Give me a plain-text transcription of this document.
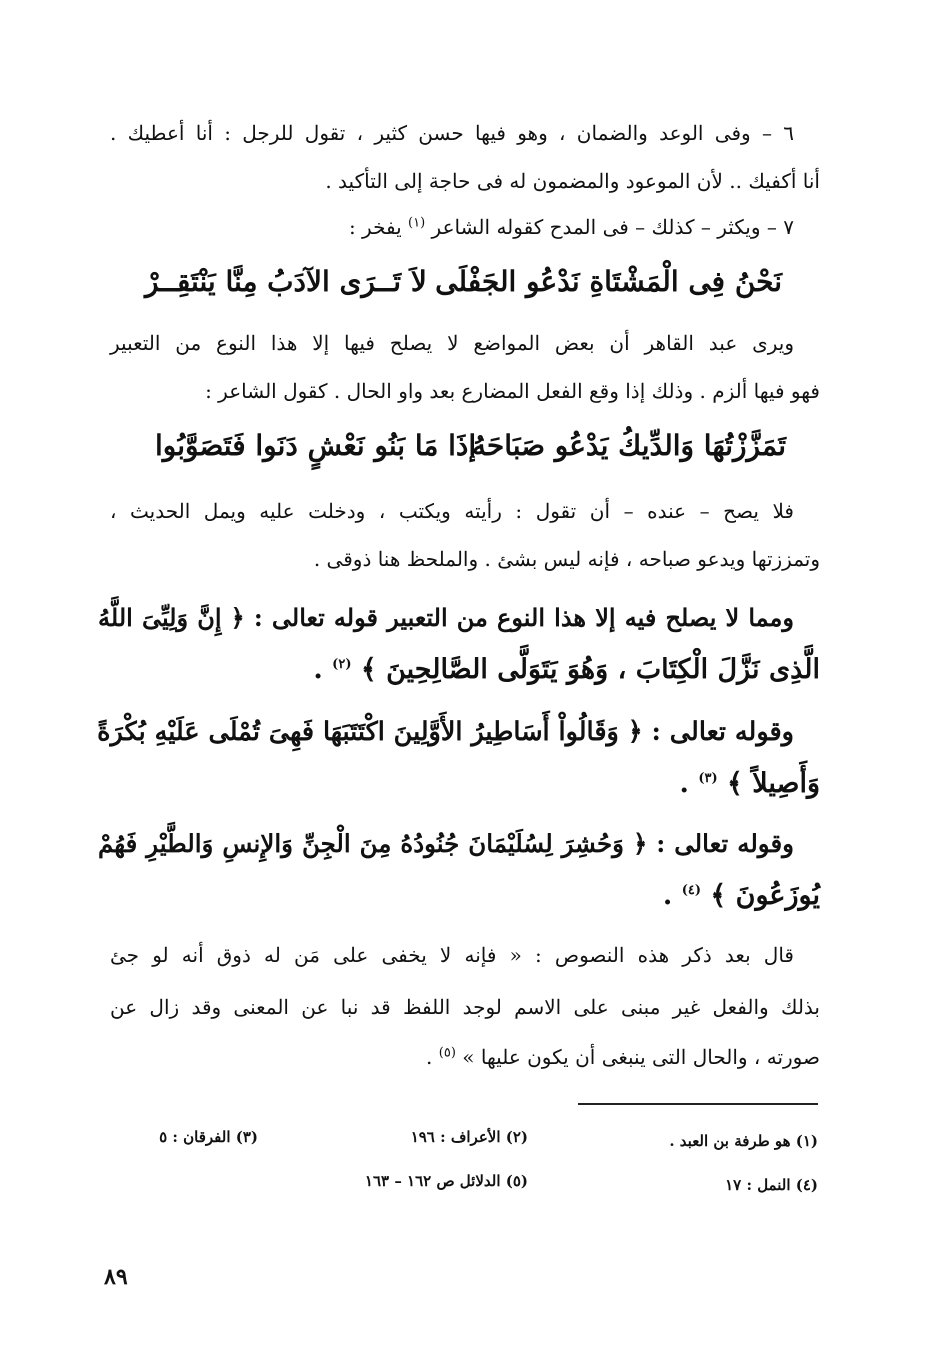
٦ – وفى الوعد والضمان ، وهو فيها حسن كثير ، تقول للرجل : أنا أعطيك .
أنا أكفيك .. لأن الموعود والمضمون له فى حاجة إلى التأكيد .
٧ – ويكثر – كذلك – فى المدح كقوله الشاعر $^{(١)}$ يفخر :
نَحْنُ فِى الْمَشْتَاةِ نَدْعُو الجَفْلَى
لاَ تَــرَى الآدَبُ مِنَّا يَنْتَقِــرْ
ويرى عبد القاهر أن بعض المواضع لا يصلح فيها إلا هذا النوع من التعبير
فهو فيها ألزم . وذلك إذا وقع الفعل المضارع بعد واو الحال . كقول الشاعر :
تَمَزَّزْتُهَا وَالدِّيكُ يَدْعُو صَبَاحَهُ
إذَا مَا بَنُو نَعْشٍ دَنَوا فَتَصَوَّبُوا
فلا يصح – عنده – أن تقول : رأيته ويكتب ، ودخلت عليه ويمل الحديث ،
وتمززتها ويدعو صباحه ، فإنه ليس بشئ . والملحظ هنا ذوقى .
ومما لا يصلح فيه إلا هذا النوع من التعبير قوله تعالى : ﴿ إِنَّ وَلِيِّىَ اللَّهُ
الَّذِى نَزَّلَ الْكِتَابَ ، وَهُوَ يَتَوَلَّى الصَّالِحِينَ ﴾ $^{(٢)}$ .
وقوله تعالى : ﴿ وَقَالُواْ أَسَاطِيرُ الأَوَّلِينَ اكْتَتَبَهَا فَهِىَ تُمْلَى عَلَيْهِ بُكْرَةً
وَأَصِيلاً ﴾ $^{(٣)}$ .
وقوله تعالى : ﴿ وَحُشِرَ لِسُلَيْمَانَ جُنُودُهُ مِنَ الْجِنِّ وَالإِنسِ وَالطَّيْرِ فَهُمْ
يُوزَعُونَ ﴾ $^{(٤)}$ .
قال بعد ذكر هذه النصوص : « فإنه لا يخفى على مَن له ذوق أنه لو جئ
بذلك والفعل غير مبنى على الاسم لوجد اللفظ قد نبا عن المعنى وقد زال عن
صورته ، والحال التى ينبغى أن يكون عليها » $^{(٥)}$ .
(١) هو طرفة بن العبد .
(٢) الأعراف : ١٩٦
(٣) الفرقان : ٥
(٤) النمل : ١٧
(٥) الدلائل ص ١٦٢ – ١٦٣
٨٩
